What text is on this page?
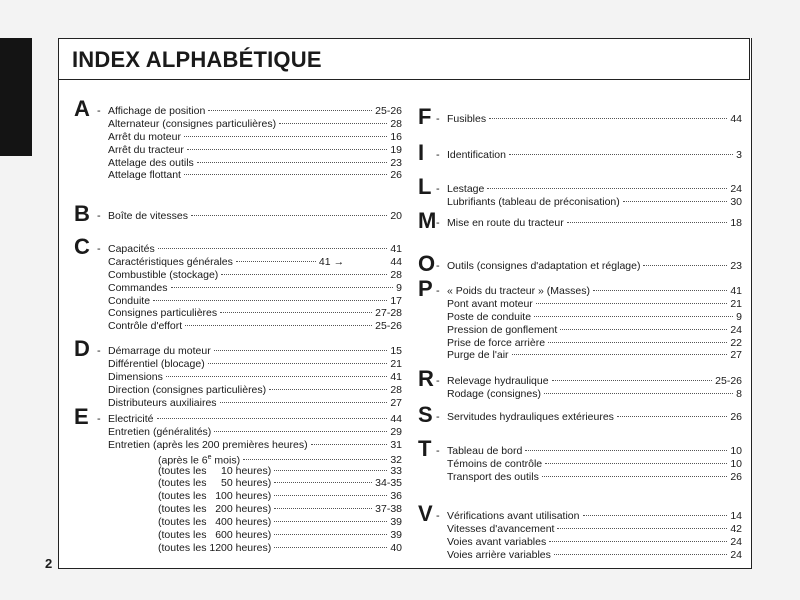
INDEX ALPHABÉTIQUE
2
A - Affichage de position	25-26
Alternateur (consignes particulières)	28
Arrêt du moteur	16
Arrêt du tracteur	19
Attelage des outils	23
Attelage flottant	26
B - Boîte de vitesses	20
C - Capacités	41
Caractéristiques générales	41 →	44
Combustible (stockage)	28
Commandes	9
Conduite	17
Consignes particulières	27-28
Contrôle d'effort	25-26
D - Démarrage du moteur	15
Différentiel (blocage)	21
Dimensions	41
Direction (consignes particulières)	28
Distributeurs auxiliaires	27
E - Electricité	44
Entretien (généralités)	29
Entretien (après les 200 premières heures)	31
(après le 6e mois)	32
(toutes les     10 heures)	33
(toutes les     50 heures)	34-35
(toutes les   100 heures)	36
(toutes les   200 heures)	37-38
(toutes les   400 heures)	39
(toutes les   600 heures)	39
(toutes les 1200 heures)	40
F - Fusibles	44
I - Identification	3
L - Lestage	24
Lubrifiants (tableau de préconisation)	30
M - Mise en route du tracteur	18
O - Outils (consignes d'adaptation et réglage)	23
P - « Poids du tracteur » (Masses)	41
Pont avant moteur	21
Poste de conduite	9
Pression de gonflement	24
Prise de force arrière	22
Purge de l'air	27
R - Relevage hydraulique	25-26
Rodage (consignes)	8
S - Servitudes hydrauliques extérieures	26
T - Tableau de bord	10
Témoins de contrôle	10
Transport des outils	26
V - Vérifications avant utilisation	14
Vitesses d'avancement	42
Voies avant variables	24
Voies arrière variables	24
